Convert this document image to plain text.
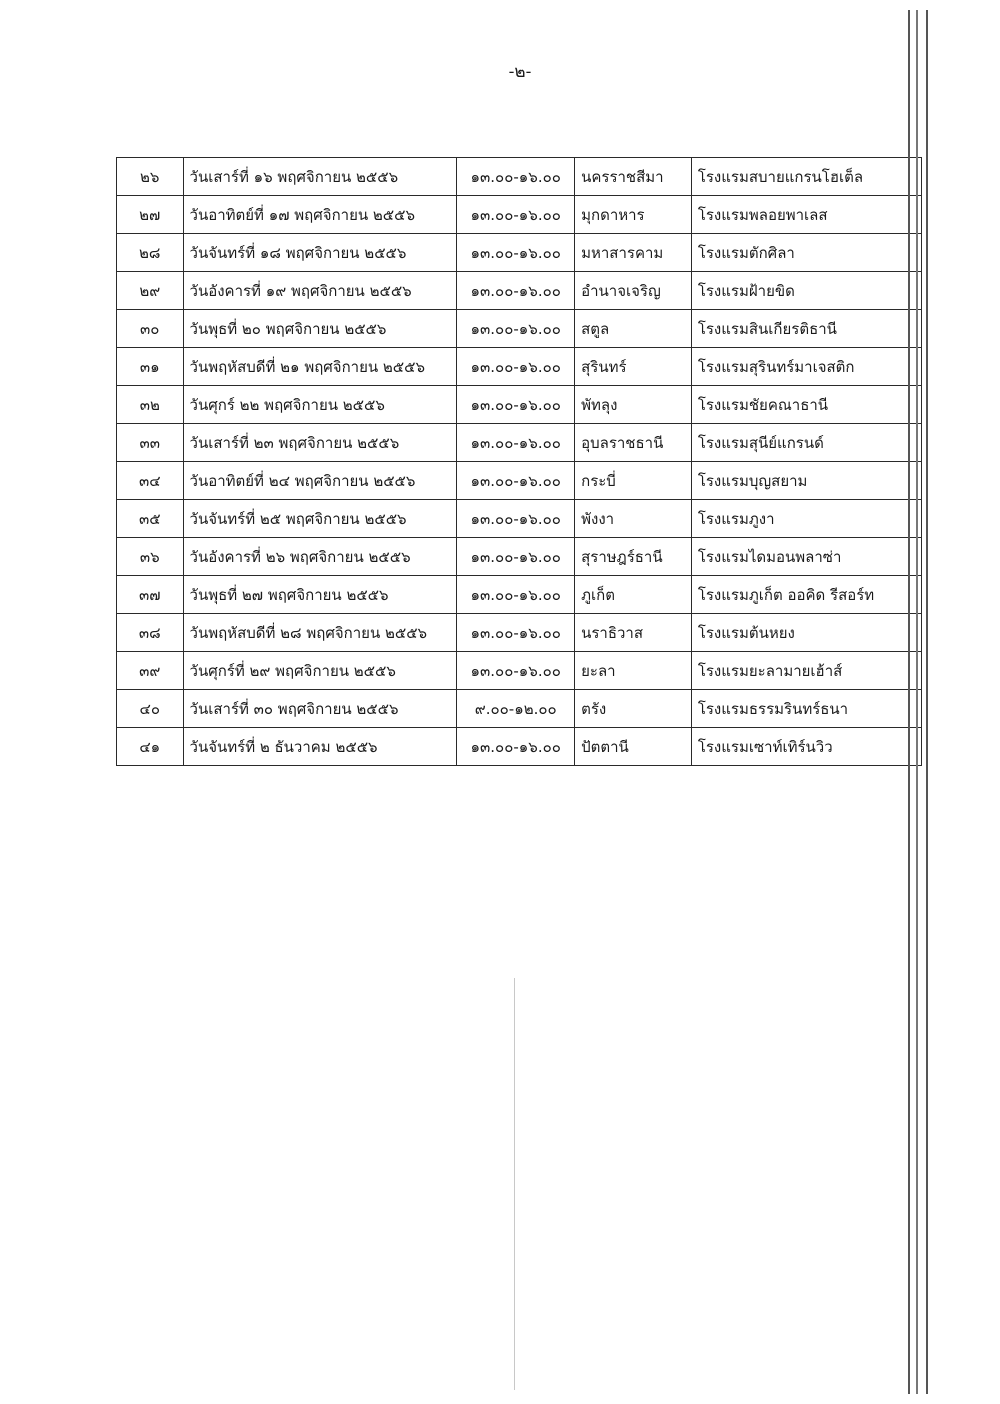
-๒-
๒๖	วันเสาร์ที่ ๑๖ พฤศจิกายน ๒๕๕๖	๑๓.๐๐-๑๖.๐๐	นครราชสีมา	โรงแรมสบายแกรนโฮเต็ล
๒๗	วันอาทิตย์ที่ ๑๗ พฤศจิกายน ๒๕๕๖	๑๓.๐๐-๑๖.๐๐	มุกดาหาร	โรงแรมพลอยพาเลส
๒๘	วันจันทร์ที่ ๑๘ พฤศจิกายน ๒๕๕๖	๑๓.๐๐-๑๖.๐๐	มหาสารคาม	โรงแรมตักศิลา
๒๙	วันอังคารที่ ๑๙ พฤศจิกายน ๒๕๕๖	๑๓.๐๐-๑๖.๐๐	อำนาจเจริญ	โรงแรมฝ้ายขิด
๓๐	วันพุธที่ ๒๐ พฤศจิกายน ๒๕๕๖	๑๓.๐๐-๑๖.๐๐	สตูล	โรงแรมสินเกียรติธานี
๓๑	วันพฤหัสบดีที่ ๒๑ พฤศจิกายน ๒๕๕๖	๑๓.๐๐-๑๖.๐๐	สุรินทร์	โรงแรมสุรินทร์มาเจสติก
๓๒	วันศุกร์ ๒๒ พฤศจิกายน ๒๕๕๖	๑๓.๐๐-๑๖.๐๐	พัทลุง	โรงแรมชัยคณาธานี
๓๓	วันเสาร์ที่ ๒๓ พฤศจิกายน ๒๕๕๖	๑๓.๐๐-๑๖.๐๐	อุบลราชธานี	โรงแรมสุนีย์แกรนด์
๓๔	วันอาทิตย์ที่ ๒๔ พฤศจิกายน ๒๕๕๖	๑๓.๐๐-๑๖.๐๐	กระบี่	โรงแรมบุญสยาม
๓๕	วันจันทร์ที่ ๒๕ พฤศจิกายน ๒๕๕๖	๑๓.๐๐-๑๖.๐๐	พังงา	โรงแรมภูงา
๓๖	วันอังคารที่ ๒๖ พฤศจิกายน ๒๕๕๖	๑๓.๐๐-๑๖.๐๐	สุราษฎร์ธานี	โรงแรมไดมอนพลาซ่า
๓๗	วันพุธที่ ๒๗ พฤศจิกายน ๒๕๕๖	๑๓.๐๐-๑๖.๐๐	ภูเก็ต	โรงแรมภูเก็ต ออคิด รีสอร์ท
๓๘	วันพฤหัสบดีที่ ๒๘ พฤศจิกายน ๒๕๕๖	๑๓.๐๐-๑๖.๐๐	นราธิวาส	โรงแรมต้นหยง
๓๙	วันศุกร์ที่ ๒๙ พฤศจิกายน ๒๕๕๖	๑๓.๐๐-๑๖.๐๐	ยะลา	โรงแรมยะลามายเฮ้าส์
๔๐	วันเสาร์ที่ ๓๐ พฤศจิกายน ๒๕๕๖	๙.๐๐-๑๒.๐๐	ตรัง	โรงแรมธรรมรินทร์ธนา
๔๑	วันจันทร์ที่ ๒ ธันวาคม ๒๕๕๖	๑๓.๐๐-๑๖.๐๐	ปัตตานี	โรงแรมเซาท์เทิร์นวิว
